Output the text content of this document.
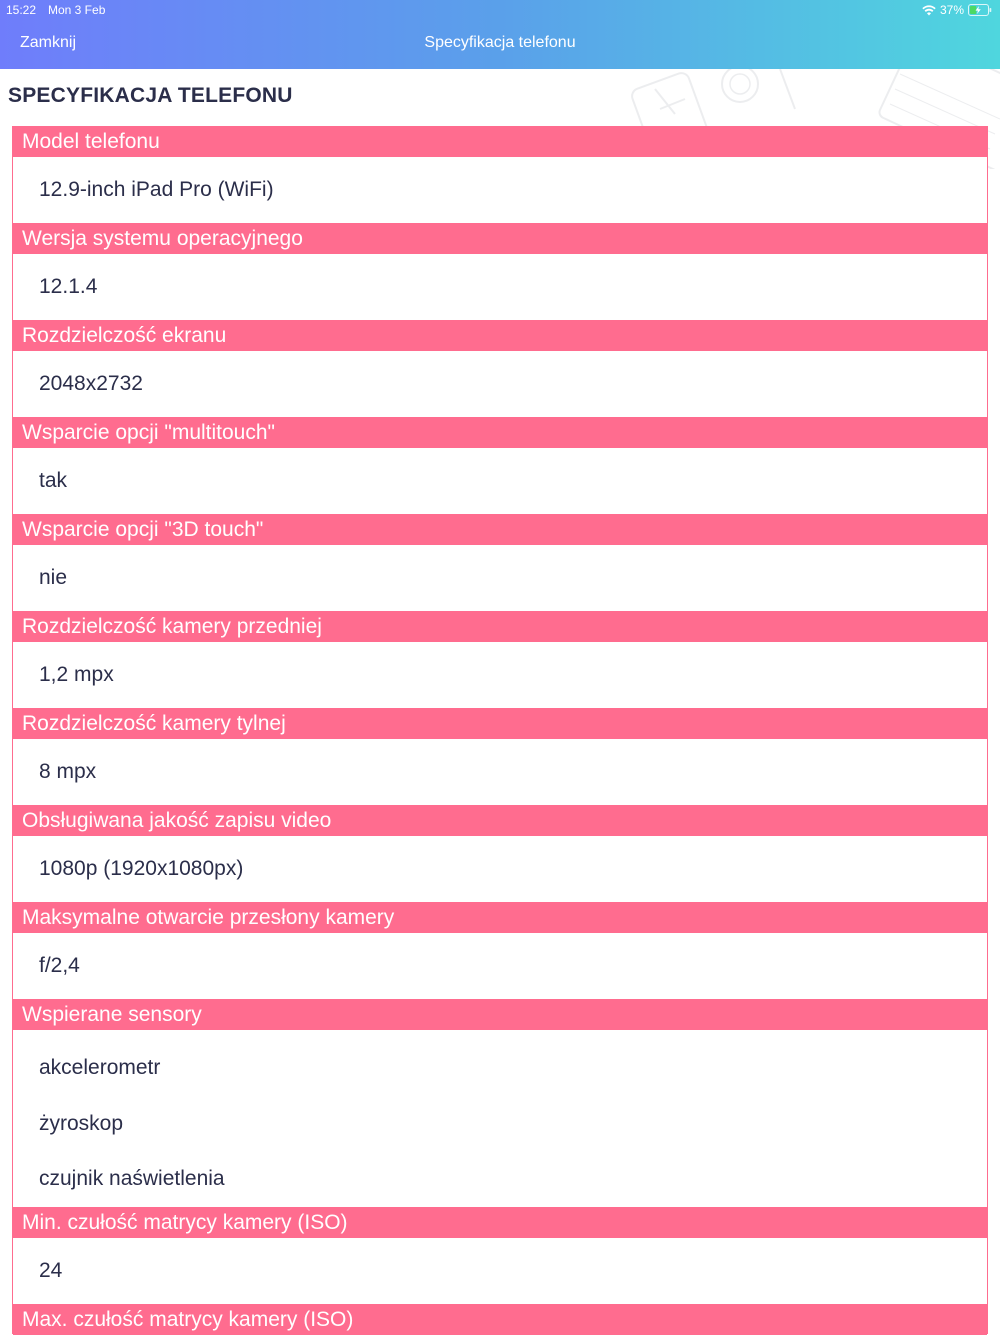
15:22 Mon 3 Feb	37%
Zamknij	Specyfikacja telefonu
SPECYFIKACJA TELEFONU
Model telefonu
12.9-inch iPad Pro (WiFi)
Wersja systemu operacyjnego
12.1.4
Rozdzielczość ekranu
2048x2732
Wsparcie opcji "multitouch"
tak
Wsparcie opcji "3D touch"
nie
Rozdzielczość kamery przedniej
1,2 mpx
Rozdzielczość kamery tylnej
8 mpx
Obsługiwana jakość zapisu video
1080p (1920x1080px)
Maksymalne otwarcie przesłony kamery
f/2,4
Wspierane sensory
akcelerometr
żyroskop
czujnik naświetlenia
Min. czułość matrycy kamery (ISO)
24
Max. czułość matrycy kamery (ISO)
